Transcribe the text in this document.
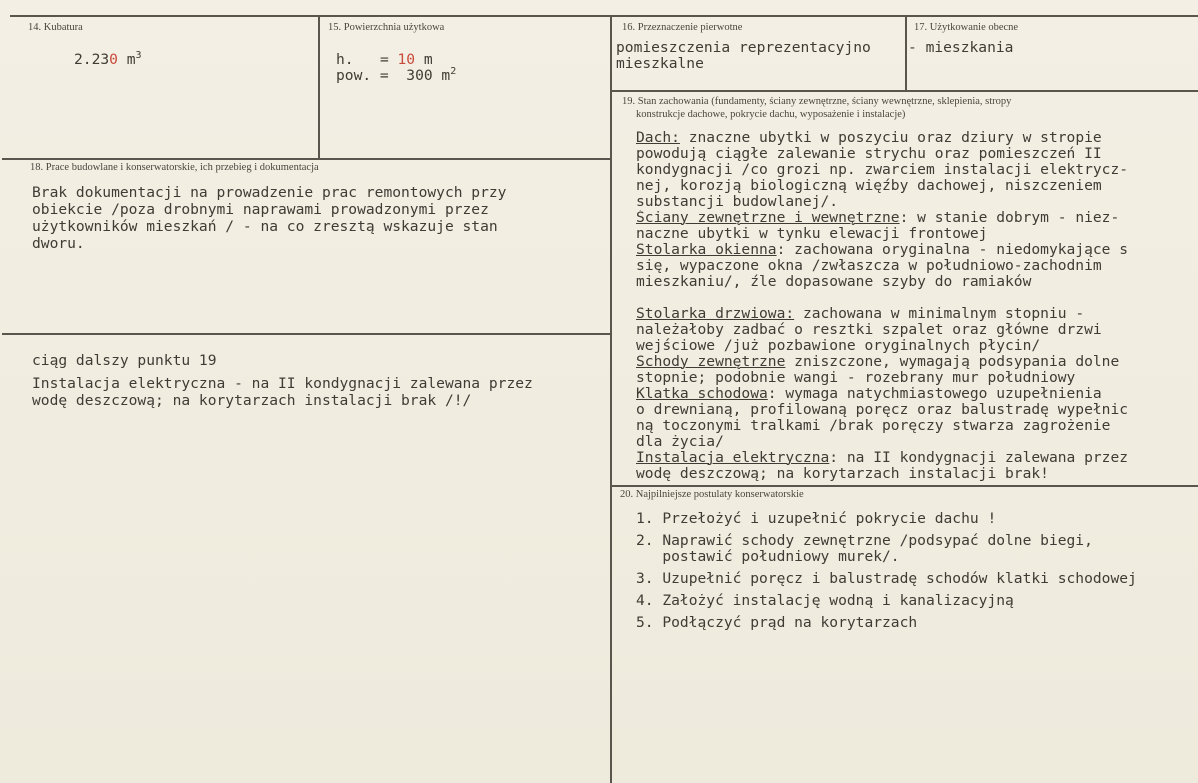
14. Kubatura
2.230 $m^3$
15. Powierzchnia użytkowa
h.   = 10 m
pow. =  300 $m^2$
16. Przeznaczenie pierwotne
pomieszczenia reprezentacyjno
mieszkalne
17. Użytkowanie obecne
- mieszkania
18. Prace budowlane i konserwatorskie, ich przebieg i dokumentacja
Brak dokumentacji na prowadzenie prac remontowych przy
obiekcie /poza drobnymi naprawami prowadzonymi przez
użytkowników mieszkań / - na co zresztą wskazuje stan
dworu.
ciąg dalszy punktu 19
Instalacja elektryczna - na II kondygnacji zalewana przez
wodę deszczową; na korytarzach instalacji brak /!/
19. Stan zachowania (fundamenty, ściany zewnętrzne, ściany wewnętrzne, sklepienia, stropy
konstrukcje dachowe, pokrycie dachu, wyposażenie i instalacje)
Dach: znaczne ubytki w poszyciu oraz dziury w stropie
powodują ciągłe zalewanie strychu oraz pomieszczeń II
kondygnacji /co grozi np. zwarciem instalacji elektrycz-
nej, korozją biologiczną więźby dachowej, niszczeniem
substancji budowlanej/.
Ściany zewnętrzne i wewnętrzne: w stanie dobrym - niez-
naczne ubytki w tynku elewacji frontowej
Stolarka okienna: zachowana oryginalna - niedomykające s
się, wypaczone okna /zwłaszcza w południowo-zachodnim
mieszkaniu/, źle dopasowane szyby do ramiaków
Stolarka drzwiowa: zachowana w minimalnym stopniu -
należałoby zadbać o resztki szpalet oraz główne drzwi
wejściowe /już pozbawione oryginalnych płycin/
Schody zewnętrzne zniszczone, wymagają podsypania dolne
stopnie; podobnie wangi - rozebrany mur południowy
Klatka schodowa: wymaga natychmiastowego uzupełnienia
o drewnianą, profilowaną poręcz oraz balustradę wypełnic
ną toczonymi tralkami /brak poręczy stwarza zagrożenie
dla życia/
Instalacja elektryczna: na II kondygnacji zalewana przez
wodę deszczową; na korytarzach instalacji brak!
20. Najpilniejsze postulaty konserwatorskie
1. Przełożyć i uzupełnić pokrycie dachu !
2. Naprawić schody zewnętrzne /podsypać dolne biegi,
postawić południowy murek/.
3. Uzupełnić poręcz i balustradę schodów klatki schodowej
4. Założyć instalację wodną i kanalizacyjną
5. Podłączyć prąd na korytarzach
